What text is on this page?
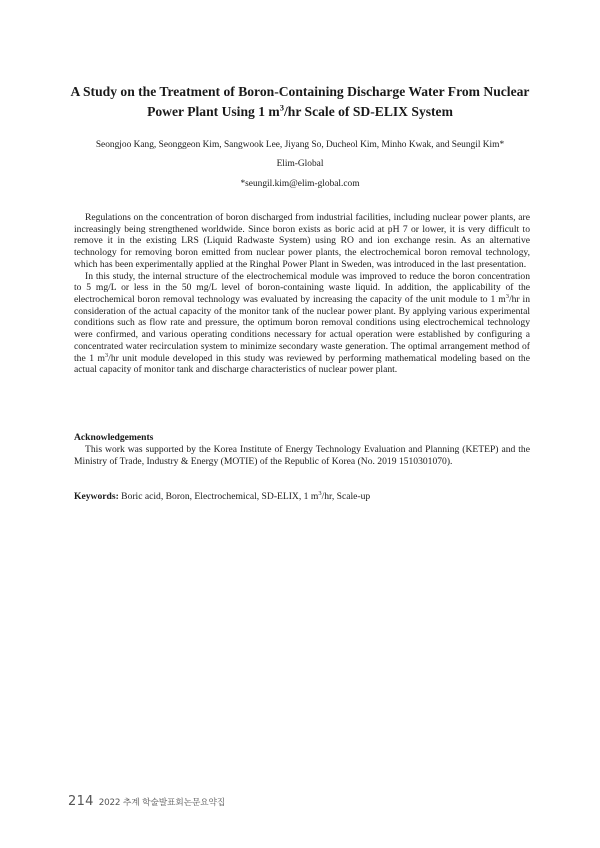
A Study on the Treatment of Boron-Containing Discharge Water From Nuclear Power Plant Using 1 $m^3/hr$ Scale of SD-ELIX System
Seongjoo Kang, Seonggeon Kim, Sangwook Lee, Jiyang So, Ducheol Kim, Minho Kwak, and Seungil Kim*
Elim-Global
*seungil.kim@elim-global.com

Regulations on the concentration of boron discharged from industrial facilities, including nuclear power plants, are increasingly being strengthened worldwide. Since boron exists as boric acid at pH 7 or lower, it is very difficult to remove it in the existing LRS (Liquid Radwaste System) using RO and ion exchange resin. As an alternative technology for removing boron emitted from nuclear power plants, the electrochemical boron removal technology, which has been experimentally applied at the Ringhal Power Plant in Sweden, was introduced in the last presentation.

In this study, the internal structure of the electrochemical module was improved to reduce the boron concentration to 5 mg/L or less in the 50 mg/L level of boron-containing waste liquid. In addition, the applicability of the electrochemical boron removal technology was evaluated by increasing the capacity of the unit module to 1 $m^3/hr$ in consideration of the actual capacity of the monitor tank of the nuclear power plant. By applying various experimental conditions such as flow rate and pressure, the optimum boron removal conditions using electrochemical technology were confirmed, and various operating conditions necessary for actual operation were established by configuring a concentrated water recirculation system to minimize secondary waste generation. The optimal arrangement method of the 1 $m^3/hr$ unit module developed in this study was reviewed by performing mathematical modeling based on the actual capacity of monitor tank and discharge characteristics of nuclear power plant.

Acknowledgements

This work was supported by the Korea Institute of Energy Technology Evaluation and Planning (KETEP) and the Ministry of Trade, Industry & Energy (MOTIE) of the Republic of Korea (No. 2019 1510301070).

Keywords: Boric acid, Boron, Electrochemical, SD-ELIX, 1 $m^3/hr$, Scale-up
214 2022 추계 학술발표회논문요약집
